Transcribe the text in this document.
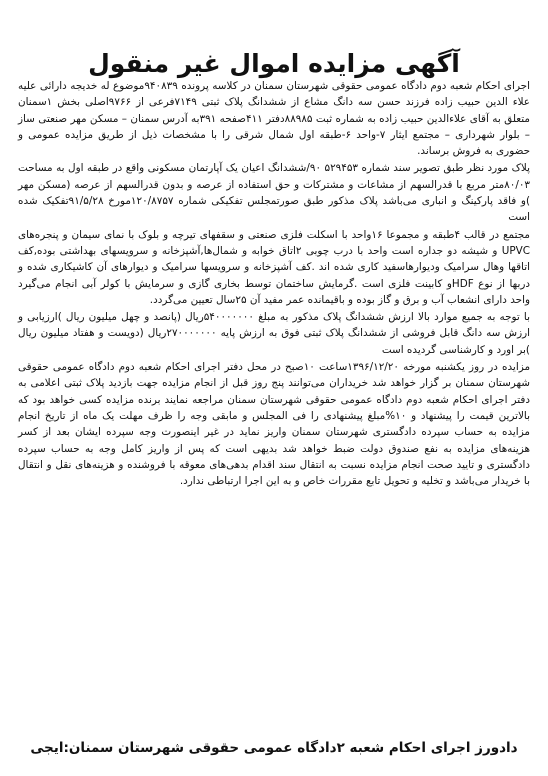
آگهی مزایده اموال غیر منقول

اجرای احکام شعبه دوم دادگاه عمومی حقوقی شهرستان سمنان در کلاسه پرونده ۹۴۰۸۳۹موضوع له خدیجه دارائی علیه علاء الدین حبیب زاده فرزند حسن سه دانگ مشاع از ششدانگ پلاک ثبتی ۷۱۴۹فرعی از ۹۷۶۶اصلی بخش ۱سمنان متعلق به آقای علاءالدین حبیب زاده به شماره ثبت ۸۸۹۸۵دفتر ۴۱۱صفحه ۳۹۱به آدرس سمنان – مسکن مهر صنعتی ساز – بلوار شهرداری – مجتمع ایثار ۷-واحد ۶-طبقه اول شمال شرقی را با مشخصات ذیل از طریق مزایده عمومی و حضوری به فروش برساند.

پلاک مورد نظر طبق تصویر سند شماره ۵۲۹۴۵۳ ۹۰/ششدانگ اعیان یک آپارتمان مسکونی واقع در طبقه اول به مساحت ۸۰/۰۳متر مربع با قدرالسهم از مشاعات و مشترکات و حق استفاده از عرصه و بدون قدرالسهم از عرصه (مسکن مهر )و فاقد پارکینگ و انباری می‌باشد پلاک مذکور طبق صورتمجلس تفکیکی شماره ۱۲۰/۸۷۵۷مورخ ۹۱/۵/۲۸تفکیک شده است

مجتمع در قالب ۴طبقه و مجموعا ۱۶واحد با اسکلت فلزی صنعتی و سقفهای تیرچه و بلوک با نمای سیمان و پنجره‌های UPVC و شیشه دو جداره است واحد با درب چوبی ۲اتاق خوابه و شمال‌ها,آشپزخانه و سرویسهای بهداشتی بوده,کف اتاقها وهال سرامیک ودیوارهاسفید کاری شده اند .کف آشپزخانه و سرویسها سرامیک و دیوارهای آن کاشیکاری شده و دربها از نوع HDFو کابینت فلزی است .گرمایش ساختمان توسط بخاری گازی و سرمایش با کولر آبی انجام می‌گیرد واحد دارای انشعاب آب و برق و گاز بوده و باقیمانده عمر مفید آن ۲۵سال تعیین می‌گردد.

با توجه به جمیع موارد بالا ارزش ششدانگ پلاک مذکور به مبلغ ۵۴۰۰۰۰۰۰۰ریال (پانصد و چهل میلیون ریال )ارزیابی و ارزش سه دانگ قابل فروشی از ششدانگ پلاک ثبتی فوق به ارزش پایه ۲۷۰۰۰۰۰۰۰ریال (دویست و هفتاد میلیون ریال )بر اورد و کارشناسی گردیده است

مزایده در روز یکشنبه مورخه ۱۳۹۶/۱۲/۲۰ساعت ۱۰صبح در محل دفتر اجرای احکام شعبه دوم دادگاه عمومی حقوقی شهرستان سمنان بر گزار خواهد شد خریداران می‌توانند پنج روز قبل از انجام مزایده جهت بازدید پلاک ثبتی اعلامی به دفتر اجرای احکام شعبه دوم دادگاه عمومی حقوقی شهرستان سمنان مراجعه نمایند برنده مزایده کسی خواهد بود که بالاترین قیمت را پیشنهاد و ۱۰%مبلغ پیشنهادی را فی المجلس و مابقی وجه را ظرف مهلت یک ماه از تاریخ انجام مزایده به حساب سپرده دادگستری شهرستان سمنان واریز نماید در غیر اینصورت وجه سپرده ایشان بعد از کسر هزینه‌های مزایده به نفع صندوق دولت ضبط خواهد شد بدیهی است که پس از واریز کامل وجه به حساب سپرده دادگستری و تایید صحت انجام مزایده نسبت به انتقال سند اقدام بدهی‌های معوقه با فروشنده و هزینه‌های نقل و انتقال با خریدار می‌باشد و تخلیه و تحویل تابع مقررات خاص و به این اجرا ارتباطی ندارد.

دادورز اجرای احکام شعبه ۲دادگاه عمومی حقوقی شهرستان سمنان:ایجی
